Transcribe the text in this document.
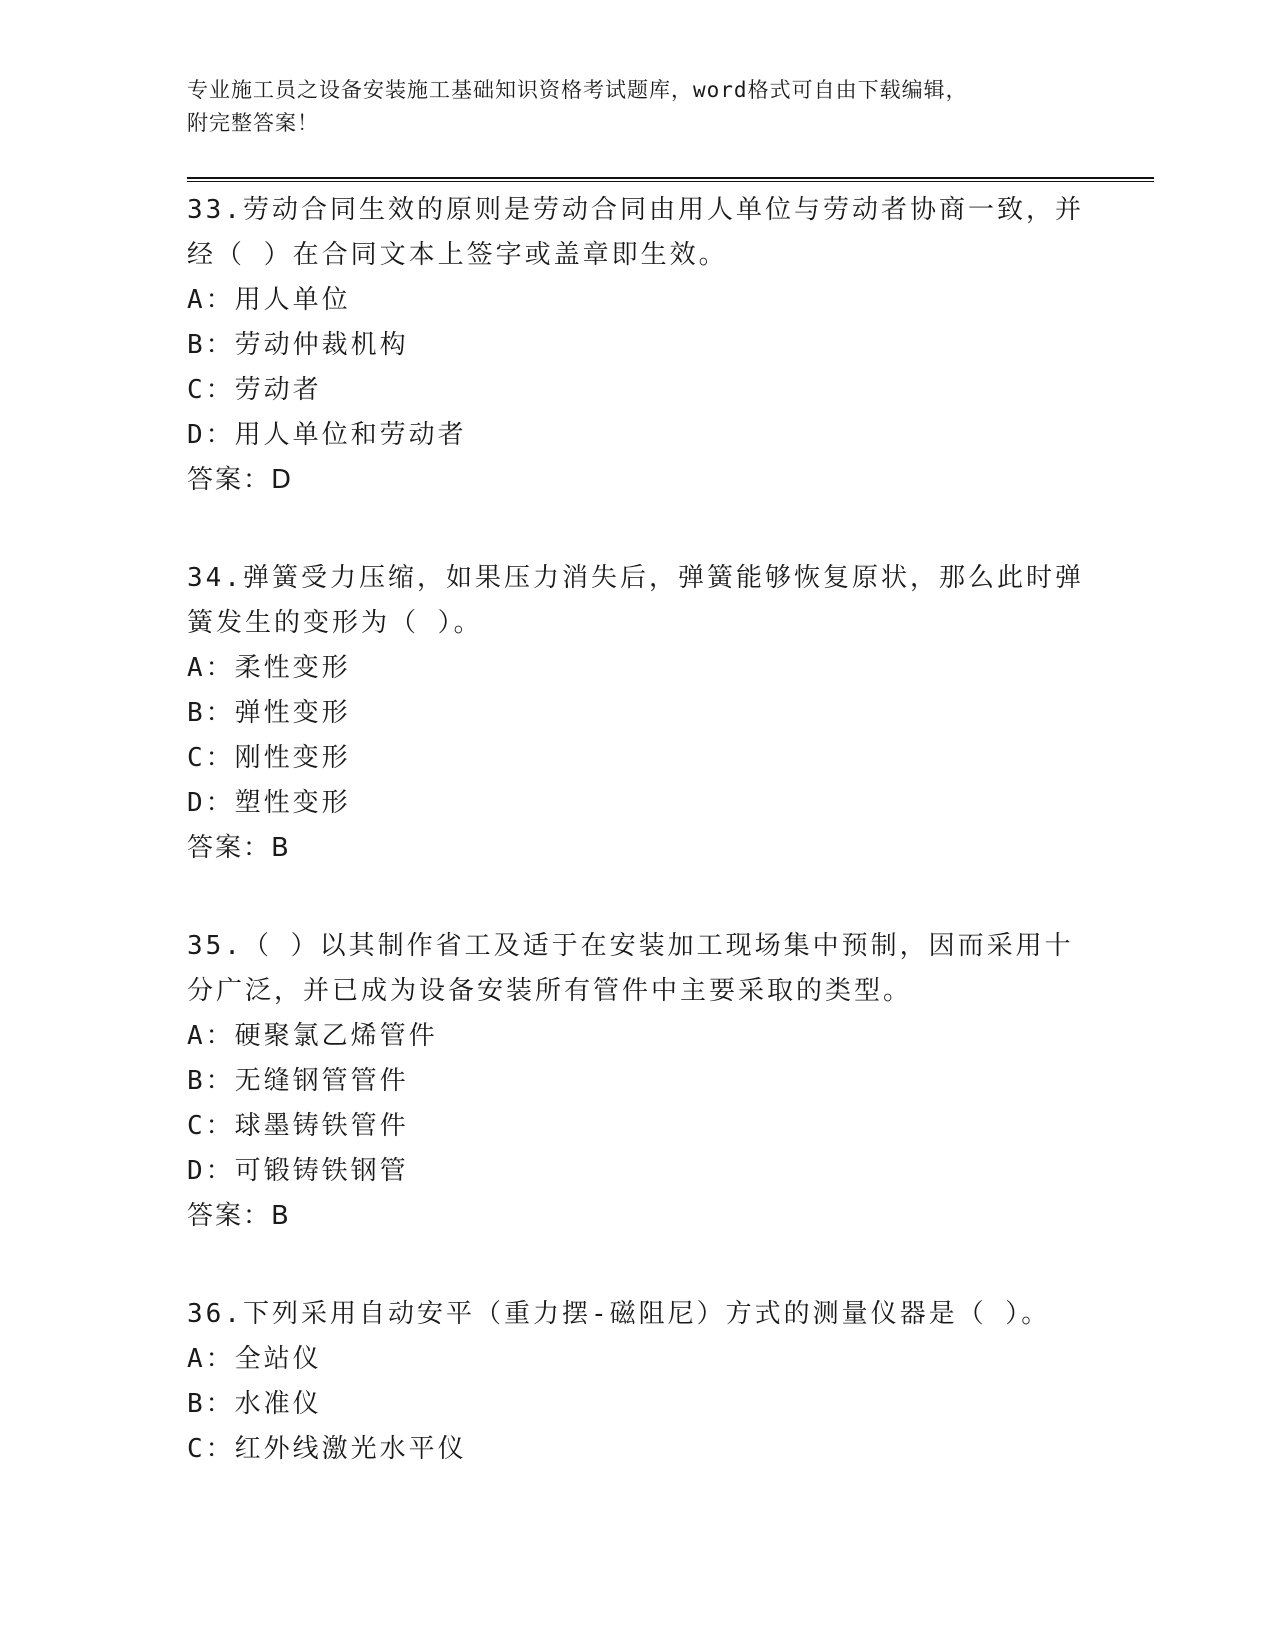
专业施工员之设备安装施工基础知识资格考试题库，word格式可自由下载编辑，
附完整答案！
33.劳动合同生效的原则是劳动合同由用人单位与劳动者协商一致，并
经（ ）在合同文本上签字或盖章即生效。
A：用人单位
B：劳动仲裁机构
C：劳动者
D：用人单位和劳动者
答案：D
34.弹簧受力压缩，如果压力消失后，弹簧能够恢复原状，那么此时弹
簧发生的变形为（ ）。
A：柔性变形
B：弹性变形
C：刚性变形
D：塑性变形
答案：B
35.（ ）以其制作省工及适于在安装加工现场集中预制，因而采用十
分广泛，并已成为设备安装所有管件中主要采取的类型。
A：硬聚氯乙烯管件
B：无缝钢管管件
C：球墨铸铁管件
D：可锻铸铁钢管
答案：B
36.下列采用自动安平（重力摆-磁阻尼）方式的测量仪器是（ ）。
A：全站仪
B：水准仪
C：红外线激光水平仪
